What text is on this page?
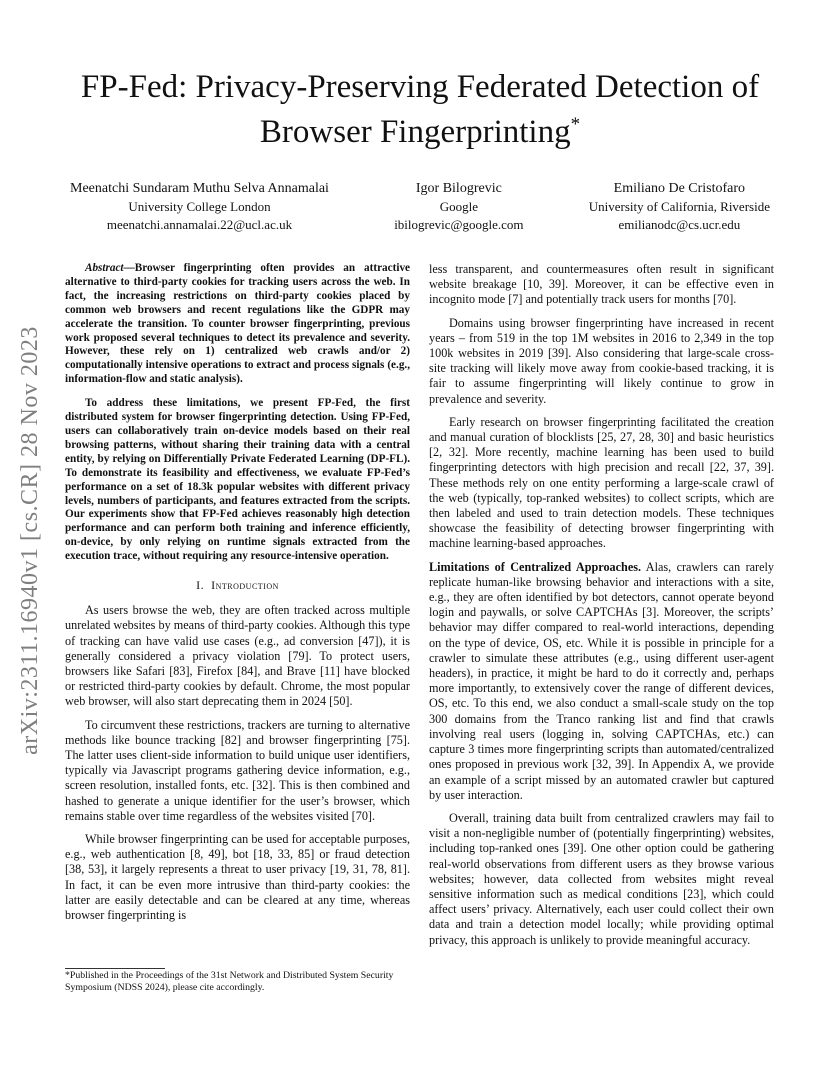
arXiv:2311.16940v1 [cs.CR] 28 Nov 2023
FP-Fed: Privacy-Preserving Federated Detection of
Browser Fingerprinting*
Meenatchi Sundaram Muthu Selva Annamalai
University College London
meenatchi.annamalai.22@ucl.ac.uk
Igor Bilogrevic
Google
ibilogrevic@google.com
Emiliano De Cristofaro
University of California, Riverside
emilianodc@cs.ucr.edu

Abstract—Browser fingerprinting often provides an attractive alternative to third-party cookies for tracking users across the web. In fact, the increasing restrictions on third-party cookies placed by common web browsers and recent regulations like the GDPR may accelerate the transition. To counter browser fingerprinting, previous work proposed several techniques to detect its prevalence and severity. However, these rely on 1) centralized web crawls and/or 2) computationally intensive operations to extract and process signals (e.g., information-flow and static analysis).

To address these limitations, we present FP-Fed, the first distributed system for browser fingerprinting detection. Using FP-Fed, users can collaboratively train on-device models based on their real browsing patterns, without sharing their training data with a central entity, by relying on Differentially Private Federated Learning (DP-FL). To demonstrate its feasibility and effectiveness, we evaluate FP-Fed’s performance on a set of 18.3k popular websites with different privacy levels, numbers of participants, and features extracted from the scripts. Our experiments show that FP-Fed achieves reasonably high detection performance and can perform both training and inference efficiently, on-device, by only relying on runtime signals extracted from the execution trace, without requiring any resource-intensive operation.

I. Introduction

As users browse the web, they are often tracked across multiple unrelated websites by means of third-party cookies. Although this type of tracking can have valid use cases (e.g., ad conversion [47]), it is generally considered a privacy violation [79]. To protect users, browsers like Safari [83], Firefox [84], and Brave [11] have blocked or restricted third-party cookies by default. Chrome, the most popular web browser, will also start deprecating them in 2024 [50].

To circumvent these restrictions, trackers are turning to alternative methods like bounce tracking [82] and browser fingerprinting [75]. The latter uses client-side information to build unique user identifiers, typically via Javascript programs gathering device information, e.g., screen resolution, installed fonts, etc. [32]. This is then combined and hashed to generate a unique identifier for the user’s browser, which remains stable over time regardless of the websites visited [70].

While browser fingerprinting can be used for acceptable purposes, e.g., web authentication [8, 49], bot [18, 33, 85] or fraud detection [38, 53], it largely represents a threat to user privacy [19, 31, 78, 81]. In fact, it can be even more intrusive than third-party cookies: the latter are easily detectable and can be cleared at any time, whereas browser fingerprinting is

less transparent, and countermeasures often result in significant website breakage [10, 39]. Moreover, it can be effective even in incognito mode [7] and potentially track users for months [70].

Domains using browser fingerprinting have increased in recent years – from 519 in the top 1M websites in 2016 to 2,349 in the top 100k websites in 2019 [39]. Also considering that large-scale cross-site tracking will likely move away from cookie-based tracking, it is fair to assume fingerprinting will likely continue to grow in prevalence and severity.

Early research on browser fingerprinting facilitated the creation and manual curation of blocklists [25, 27, 28, 30] and basic heuristics [2, 32]. More recently, machine learning has been used to build fingerprinting detectors with high precision and recall [22, 37, 39]. These methods rely on one entity performing a large-scale crawl of the web (typically, top-ranked websites) to collect scripts, which are then labeled and used to train detection models. These techniques showcase the feasibility of detecting browser fingerprinting with machine learning-based approaches.

Limitations of Centralized Approaches. Alas, crawlers can rarely replicate human-like browsing behavior and interactions with a site, e.g., they are often identified by bot detectors, cannot operate beyond login and paywalls, or solve CAPTCHAs [3]. Moreover, the scripts’ behavior may differ compared to real-world interactions, depending on the type of device, OS, etc. While it is possible in principle for a crawler to simulate these attributes (e.g., using different user-agent headers), in practice, it might be hard to do it correctly and, perhaps more importantly, to extensively cover the range of different devices, OS, etc. To this end, we also conduct a small-scale study on the top 300 domains from the Tranco ranking list and find that crawls involving real users (logging in, solving CAPTCHAs, etc.) can capture 3 times more fingerprinting scripts than automated/centralized ones proposed in previous work [32, 39]. In Appendix A, we provide an example of a script missed by an automated crawler but captured by user interaction.

Overall, training data built from centralized crawlers may fail to visit a non-negligible number of (potentially fingerprinting) websites, including top-ranked ones [39]. One other option could be gathering real-world observations from different users as they browse various websites; however, data collected from websites might reveal sensitive information such as medical conditions [23], which could affect users’ privacy. Alternatively, each user could collect their own data and train a detection model locally; while providing optimal privacy, this approach is unlikely to provide meaningful accuracy.

*Published in the Proceedings of the 31st Network and Distributed System Security Symposium (NDSS 2024), please cite accordingly.
